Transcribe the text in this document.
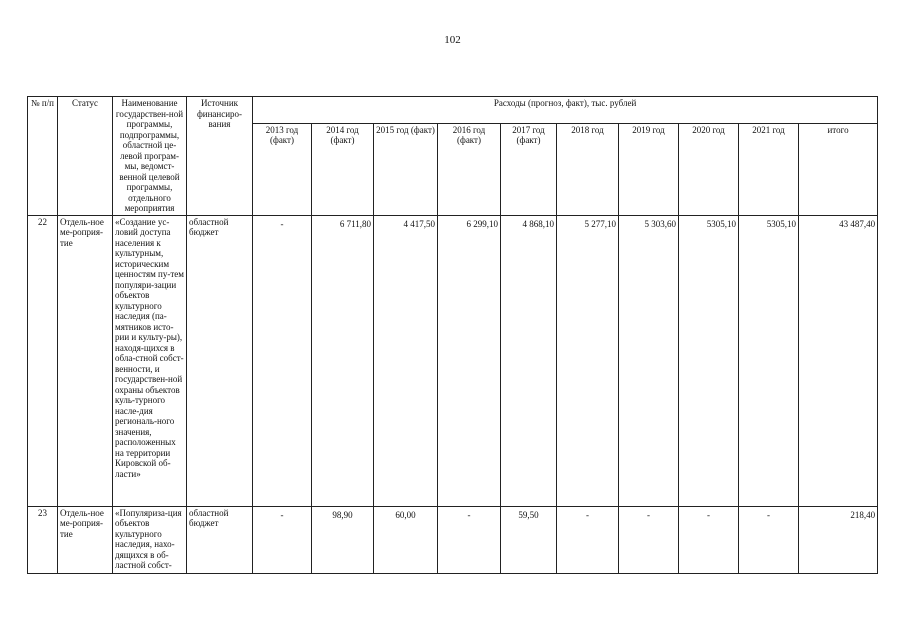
102
№ п/п	Статус	Наименование государствен-ной программы, подпрограммы, областной це-левой програм-мы, ведомст-венной целевой программы, отдельного мероприятия	Источник финансиро-вания	Расходы (прогноз, факт), тыс. рублей									
				2013 год (факт)	2014 год (факт)	2015 год (факт)	2016 год (факт)	2017 год (факт)	2018 год	2019 год	2020 год	2021 год	итого
22	Отдель-ное ме-роприя-тие	«Создание ус-ловий доступа населения к культурным, историческим ценностям пу-тем популяри-зации объектов культурного наследия (па-мятников исто-рии и культу-ры), находя-щихся в обла-стной собст-венности, и государствен-ной охраны объектов куль-турного насле-дия региональ-ного значения, расположенных на территории Кировской об-ласти»	областной бюджет	-	6 711,80	4 417,50	6 299,10	4 868,10	5 277,10	5 303,60	5305,10	5305,10	43 487,40
23	Отдель-ное ме-роприя-тие	«Популяриза-ция объектов культурного наследия, нахо-дящихся в об-ластной собст-	областной бюджет	-	98,90	60,00	-	59,50	-	-	-	-	218,40
